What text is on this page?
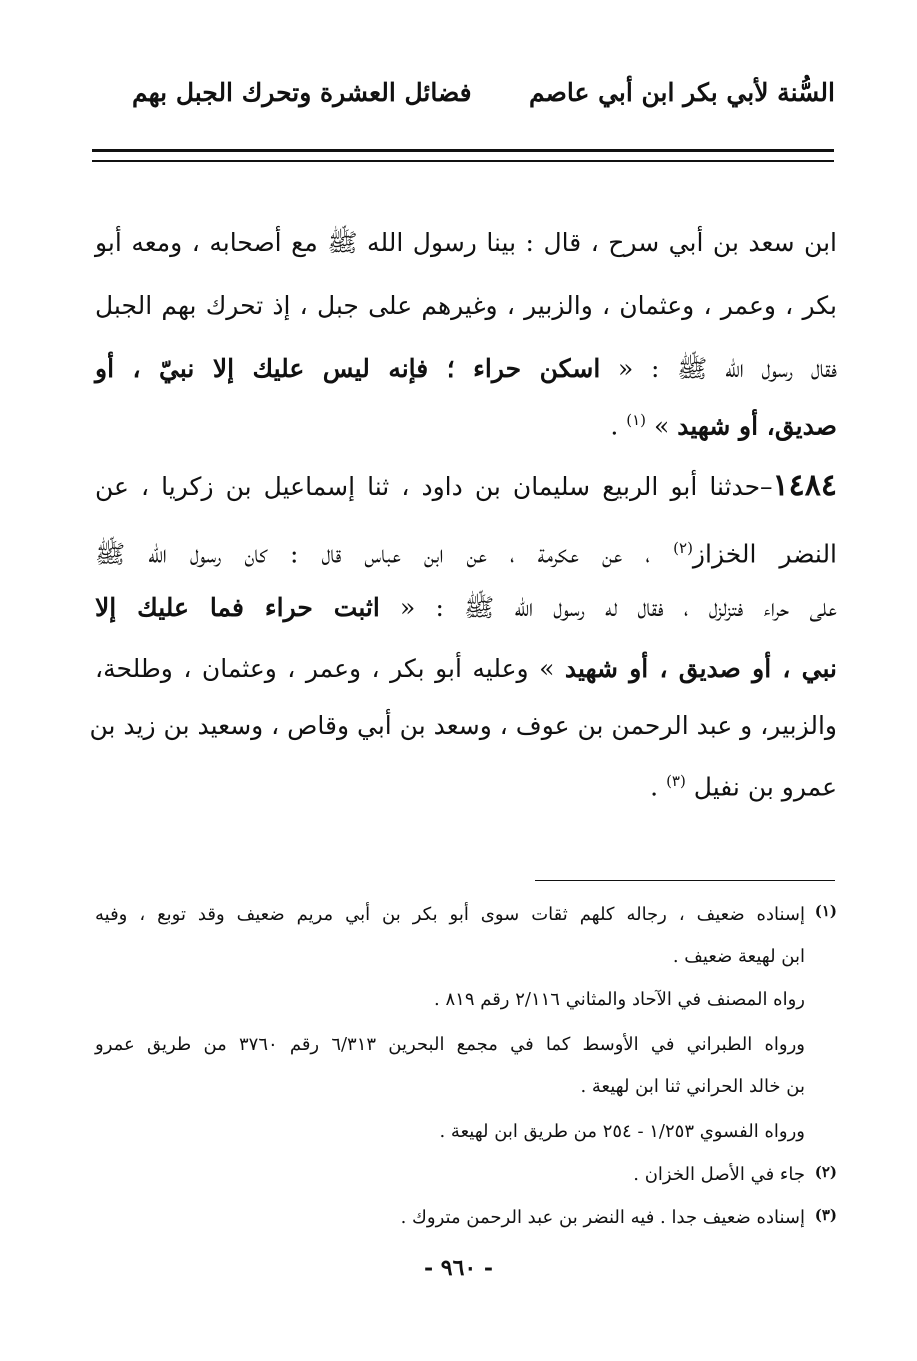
السُّنة لأبي بكر ابن أبي عاصم
فضائل العشرة وتحرك الجبل بهم
ابن سعد بن أبي سرح ، قال : بينا رسول الله ﷺ مع أصحابه ، ومعه أبو
بكر ، وعمر ، وعثمان ، والزبير ، وغيرهم على جبل ، إذ تحرك بهم الجبل
فقال رسول الله ﷺ : « اسكن حراء ؛ فإنه ليس عليك إلا نبيّ ، أو
صديق، أو شهيد » $^{(١)}$ .
١٤٨٤–حدثنا أبو الربيع سليمان بن داود ، ثنا إسماعيل بن زكريا ، عن
النضر الخزاز$^{(٢)}$ ، عن عكرمة ، عن ابن عباس قال : كان رسول الله ﷺ
على حراء فتزلزل ، فقال له رسول الله ﷺ : « اثبت حراء فما عليك إلا
نبي ، أو صديق ، أو شهيد » وعليه أبو بكر ، وعمر ، وعثمان ، وطلحة،
والزبير، و عبد الرحمن بن عوف ، وسعد بن أبي وقاص ، وسعيد بن زيد بن
عمرو بن نفيل $^{(٣)}$ .
(١)
إسناده ضعيف ، رجاله كلهم ثقات سوى أبو بكر بن أبي مريم ضعيف وقد توبع ، وفيه
ابن لهيعة ضعيف .
رواه المصنف في الآحاد والمثاني ٢/١١٦ رقم ٨١٩ .
ورواه الطبراني في الأوسط كما في مجمع البحرين ٦/٣١٣ رقم ٣٧٦٠ من طريق عمرو
بن خالد الحراني ثنا ابن لهيعة .
ورواه الفسوي ١/٢٥٣ - ٢٥٤ من طريق ابن لهيعة .
(٢)
جاء في الأصل الخزان .
(٣)
إسناده ضعيف جدا . فيه النضر بن عبد الرحمن متروك .
- ٩٦٠ -
